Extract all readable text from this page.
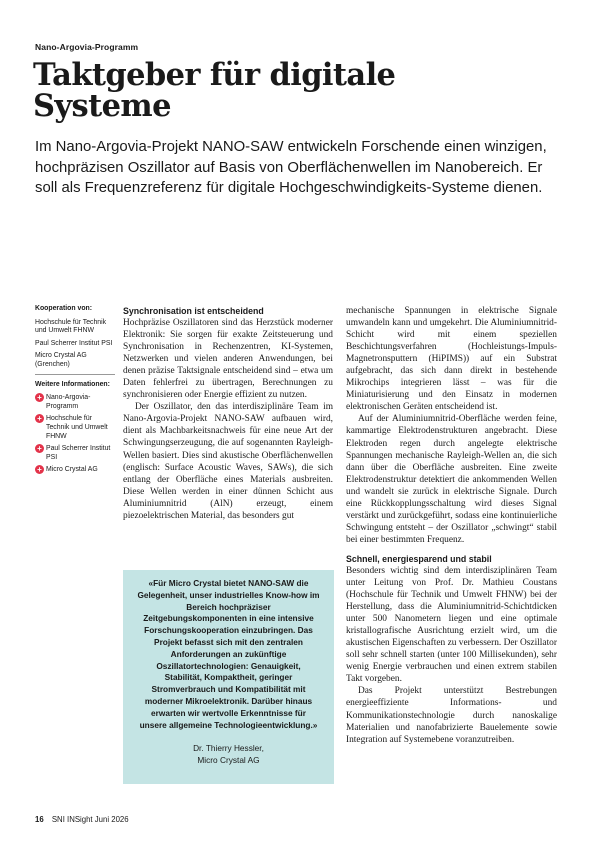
Nano-Argovia-Programm
Taktgeber für digitale Systeme

Im Nano-Argovia-Projekt NANO-SAW entwickeln Forschende einen winzigen, hochpräzisen Oszillator auf Basis von Oberflächenwellen im Nanobereich. Er soll als Frequenzreferenz für digitale Hochgeschwindigkeits-Systeme dienen.

Kooperation von:
Hochschule für Technik und Umwelt FHNW
Paul Scherrer Institut PSI
Micro Crystal AG (Grenchen)
Weitere Informationen:
+ Nano-Argovia-Programm
+ Hochschule für Technik und Umwelt FHNW
+ Paul Scherrer Institut PSI
+ Micro Crystal AG
Synchronisation ist entscheidend

Hochpräzise Oszillatoren sind das Herzstück moderner Elektronik: Sie sorgen für exakte Zeitsteuerung und Synchronisation in Rechenzentren, KI-Systemen, Netzwerken und vielen anderen Anwendungen, bei denen präzise Taktsignale entscheidend sind – etwa um Daten fehlerfrei zu übertragen, Berechnungen zu synchronisieren oder Energie effizient zu nutzen.

Der Oszillator, den das interdisziplinäre Team im Nano-Argovia-Projekt NANO-SAW aufbauen wird, dient als Machbarkeitsnachweis für eine neue Art der Schwingungserzeugung, die auf sogenannten Rayleigh-Wellen basiert. Dies sind akustische Oberflächenwellen (englisch: Surface Acoustic Waves, SAWs), die sich entlang der Oberfläche eines Materials ausbreiten. Diese Wellen werden in einer dünnen Schicht aus Aluminiumnitrid (AlN) erzeugt, einem piezoelektrischen Material, das besonders gut

«Für Micro Crystal bietet NANO-SAW die Gelegenheit, unser industrielles Know-how im Bereich hochpräziser Zeitgebungskomponenten in eine intensive Forschungskooperation einzubringen. Das Projekt befasst sich mit den zentralen Anforderungen an zukünftige Oszillatortechnologien: Genauigkeit, Stabilität, Kompaktheit, geringer Stromverbrauch und Kompatibilität mit moderner Mikroelektronik. Darüber hinaus erwarten wir wertvolle Erkenntnisse für unsere allgemeine Technologieentwicklung.»

Dr. Thierry Hessler,
Micro Crystal AG

mechanische Spannungen in elektrische Signale umwandeln kann und umgekehrt. Die Aluminiumnitrid-Schicht wird mit einem speziellen Beschichtungsverfahren (Hochleistungs-Impuls-Magnetronsputtern (HiPIMS)) auf ein Substrat aufgebracht, das sich dann direkt in bestehende Mikrochips integrieren lässt – was für die Miniaturisierung und den Einsatz in modernen elektronischen Geräten entscheidend ist.

Auf der Aluminiumnitrid-Oberfläche werden feine, kammartige Elektrodenstrukturen angebracht. Diese Elektroden regen durch angelegte elektrische Spannungen mechanische Rayleigh-Wellen an, die sich dann über die Oberfläche ausbreiten. Eine zweite Elektrodenstruktur detektiert die ankommenden Wellen und wandelt sie zurück in elektrische Signale. Durch eine Rückkopplungsschaltung wird dieses Signal verstärkt und zurückgeführt, sodass eine kontinuierliche Schwingung entsteht – der Oszillator „schwingt“ stabil bei einer bestimmten Frequenz.

Schnell, energiesparend und stabil

Besonders wichtig sind dem interdisziplinären Team unter Leitung von Prof. Dr. Mathieu Coustans (Hochschule für Technik und Umwelt FHNW) bei der Herstellung, dass die Aluminiumnitrid-Schichtdicken unter 500 Nanometern liegen und eine optimale kristallografische Ausrichtung erzielt wird, um die akustischen Eigenschaften zu verbessern. Der Oszillator soll sehr schnell starten (unter 100 Millisekunden), sehr wenig Energie verbrauchen und einen extrem stabilen Takt vorgeben.

Das Projekt unterstützt Bestrebungen energieeffiziente Informations- und Kommunikationstechnologie durch nanoskalige Materialien und nanofabrizierte Bauelemente sowie Integration auf Systemebene voranzutreiben.

16 SNI INSight Juni 2026
